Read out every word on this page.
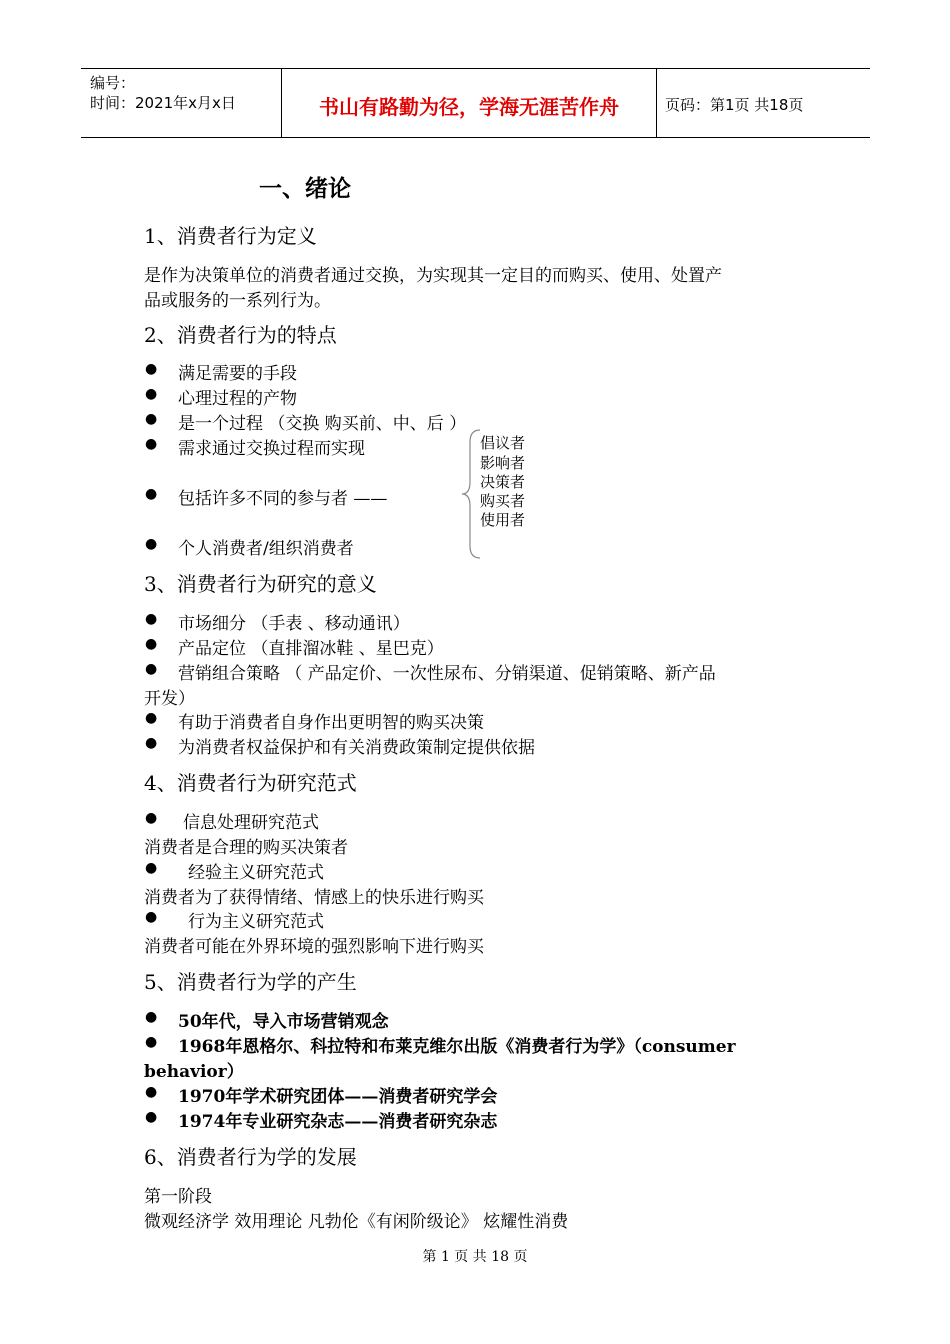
编号：
时间：2021年x月x日	书山有路勤为径，学海无涯苦作舟	页码：第1页 共18页
一、绪论
1、消费者行为定义
是作为决策单位的消费者通过交换，为实现其一定目的而购买、使用、处置产
品或服务的一系列行为。
2、消费者行为的特点
● 满足需要的手段
● 心理过程的产物
● 是一个过程 （交换 购买前、中、后 ）
● 需求通过交换过程而实现
● 包括许多不同的参与者 ——
● 个人消费者/组织消费者
倡议者
影响者
决策者
购买者
使用者
3、消费者行为研究的意义
● 市场细分 （手表 、移动通讯）
● 产品定位 （直排溜冰鞋 、星巴克）
● 营销组合策略 （ 产品定价、一次性尿布、分销渠道、促销策略、新产品
开发）
● 有助于消费者自身作出更明智的购买决策
● 为消费者权益保护和有关消费政策制定提供依据
4、消费者行为研究范式
● 信息处理研究范式
消费者是合理的购买决策者
● 经验主义研究范式
消费者为了获得情绪、情感上的快乐进行购买
● 行为主义研究范式
消费者可能在外界环境的强烈影响下进行购买
5、消费者行为学的产生
● 50年代，导入市场营销观念
● 1968年恩格尔、科拉特和布莱克维尔出版《消费者行为学》（consumer
behavior）
● 1970年学术研究团体——消费者研究学会
● 1974年专业研究杂志——消费者研究杂志
6、消费者行为学的发展
第一阶段
微观经济学 效用理论 凡勃伦《有闲阶级论》 炫耀性消费
第 1 页 共 18 页
